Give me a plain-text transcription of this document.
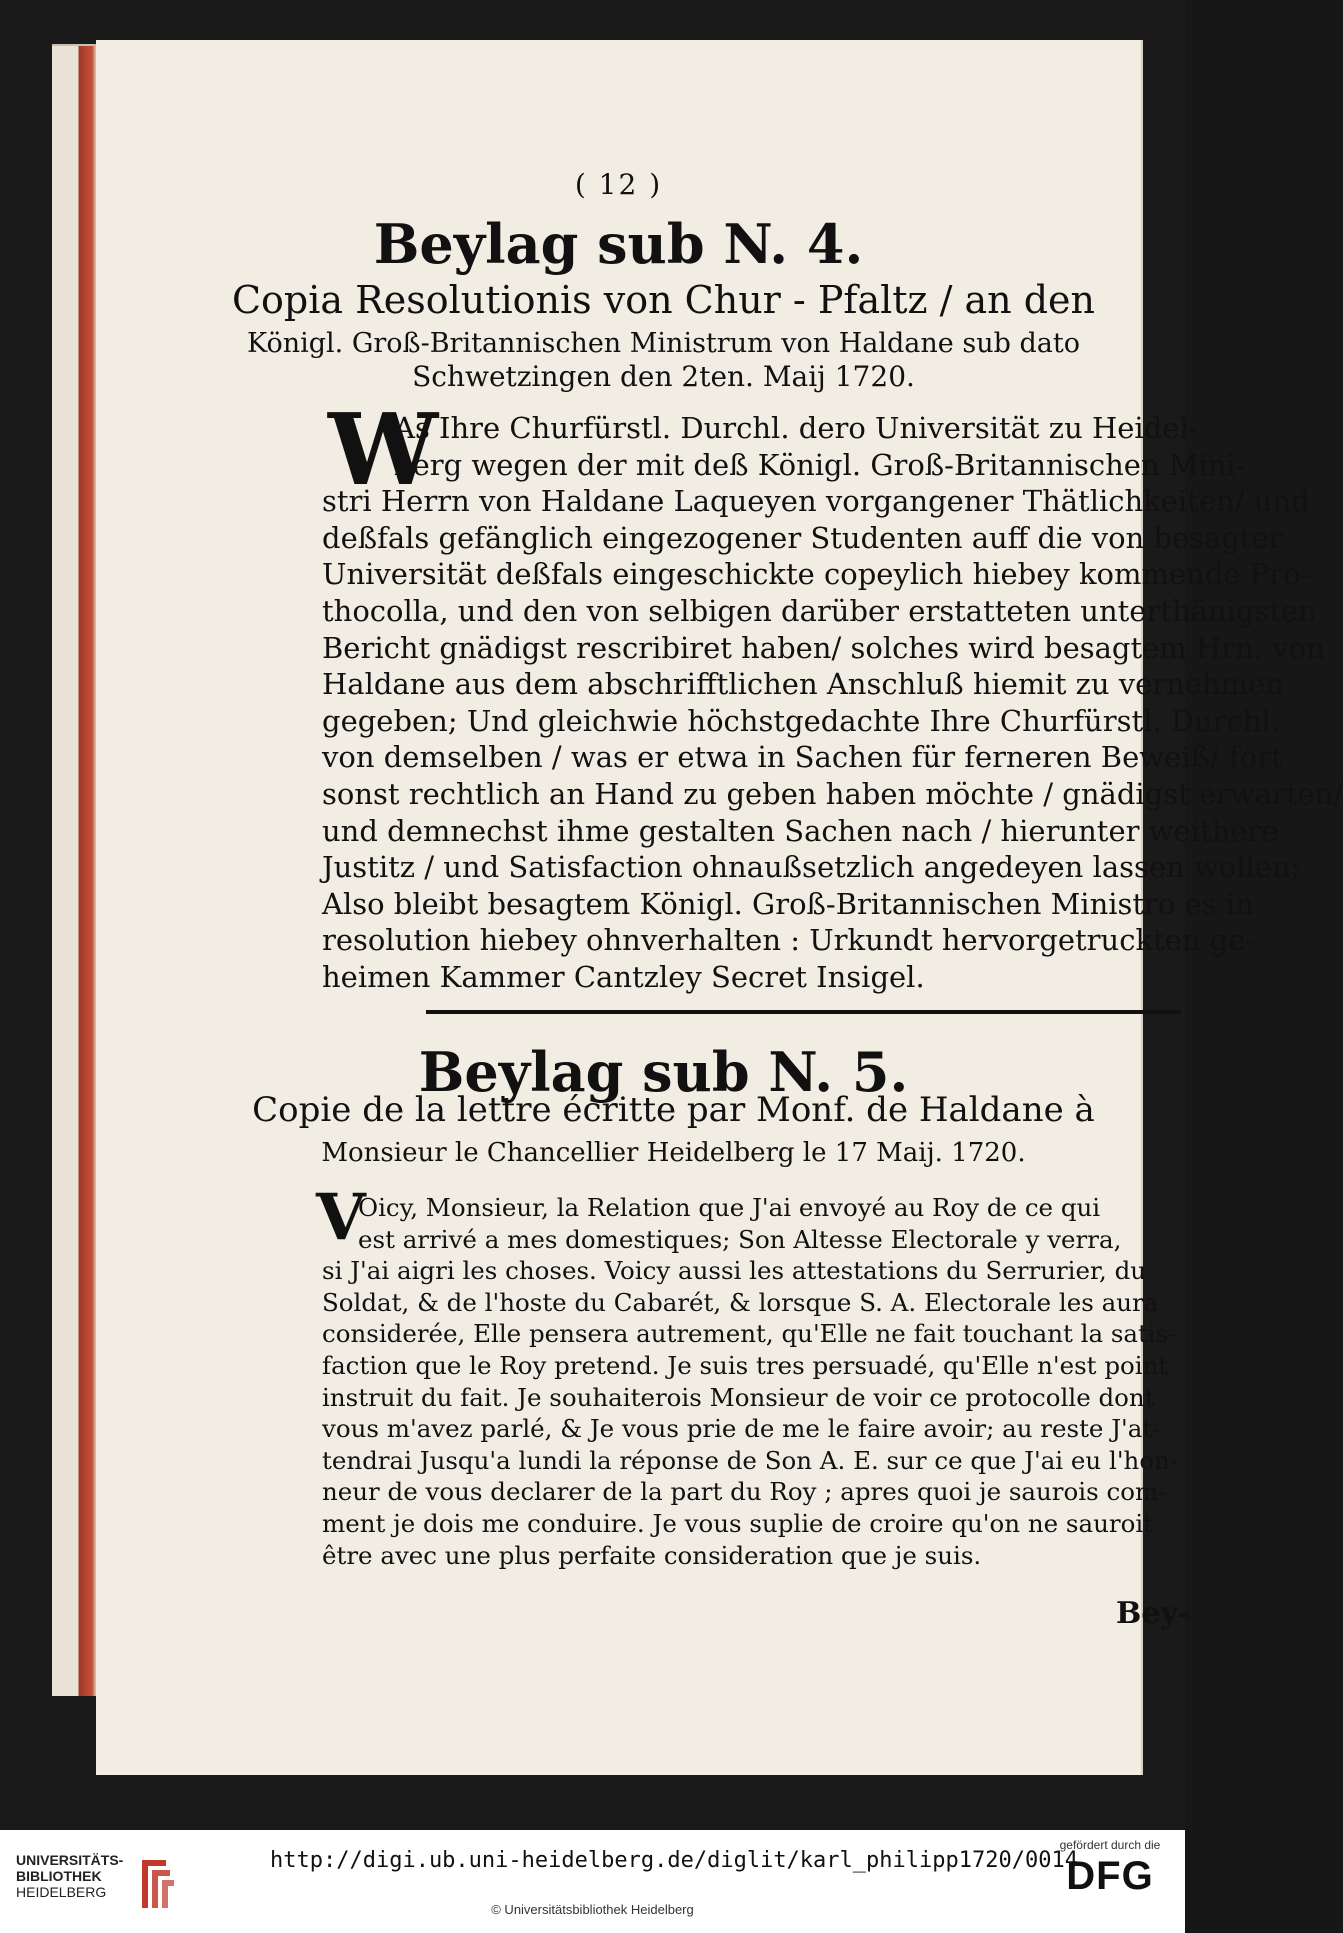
( 12 )
Beylag sub N. 4.
Copia Resolutionis von Chur - Pfaltz / an den
Königl. Groß-Britannischen Ministrum von Haldane sub dato
Schwetzingen den 2ten. Maij 1720.
W
As Ihre Churfürstl. Durchl. dero Universität zu Heidel-
berg wegen der mit deß Königl. Groß-Britannischen Mini-
stri Herrn von Haldane Laqueyen vorgangener Thätlichkeiten/ und
deßfals gefänglich eingezogener Studenten auff die von besagter
Universität deßfals eingeschickte copeylich hiebey kommende Pro-
thocolla, und den von selbigen darüber erstatteten unterthänigsten
Bericht gnädigst rescribiret haben/ solches wird besagtem Hrn. von
Haldane aus dem abschrifftlichen Anschluß hiemit zu vernehmen
gegeben; Und gleichwie höchstgedachte Ihre Churfürstl. Durchl.
von demselben / was er etwa in Sachen für ferneren Beweiß/ fort
sonst rechtlich an Hand zu geben haben möchte / gnädigst erwarten/
und demnechst ihme gestalten Sachen nach / hierunter weithere
Justitz / und Satisfaction ohnaußsetzlich angedeyen lassen wollen;
Also bleibt besagtem Königl. Groß-Britannischen Ministro es in
resolution hiebey ohnverhalten : Urkundt hervorgetruckten ge-
heimen Kammer Cantzley Secret Insigel.
Beylag sub N. 5.
Copie de la lettre écritte par Monf. de Haldane à
Monsieur le Chancellier Heidelberg le 17 Maij. 1720.
V
Oicy, Monsieur, la Relation que J'ai envoyé au Roy de ce qui
est arrivé a mes domestiques; Son Altesse Electorale y verra,
si J'ai aigri les choses. Voicy aussi les attestations du Serrurier, du
Soldat, & de l'hoste du Cabarét, & lorsque S. A. Electorale les aura
considerée, Elle pensera autrement, qu'Elle ne fait touchant la satis-
faction que le Roy pretend. Je suis tres persuadé, qu'Elle n'est point
instruit du fait. Je souhaiterois Monsieur de voir ce protocolle dont
vous m'avez parlé, & Je vous prie de me le faire avoir; au reste J'at-
tendrai Jusqu'a lundi la réponse de Son A. E. sur ce que J'ai eu l'hon-
neur de vous declarer de la part du Roy ; apres quoi je saurois com-
ment je dois me conduire. Je vous suplie de croire qu'on ne sauroit
être avec une plus perfaite consideration que je suis.
Bey-
UNIVERSITÄTS-
BIBLIOTHEK
HEIDELBERG
http://digi.ub.uni-heidelberg.de/diglit/karl_philipp1720/0014
© Universitätsbibliothek Heidelberg
gefördert durch die
DFG
